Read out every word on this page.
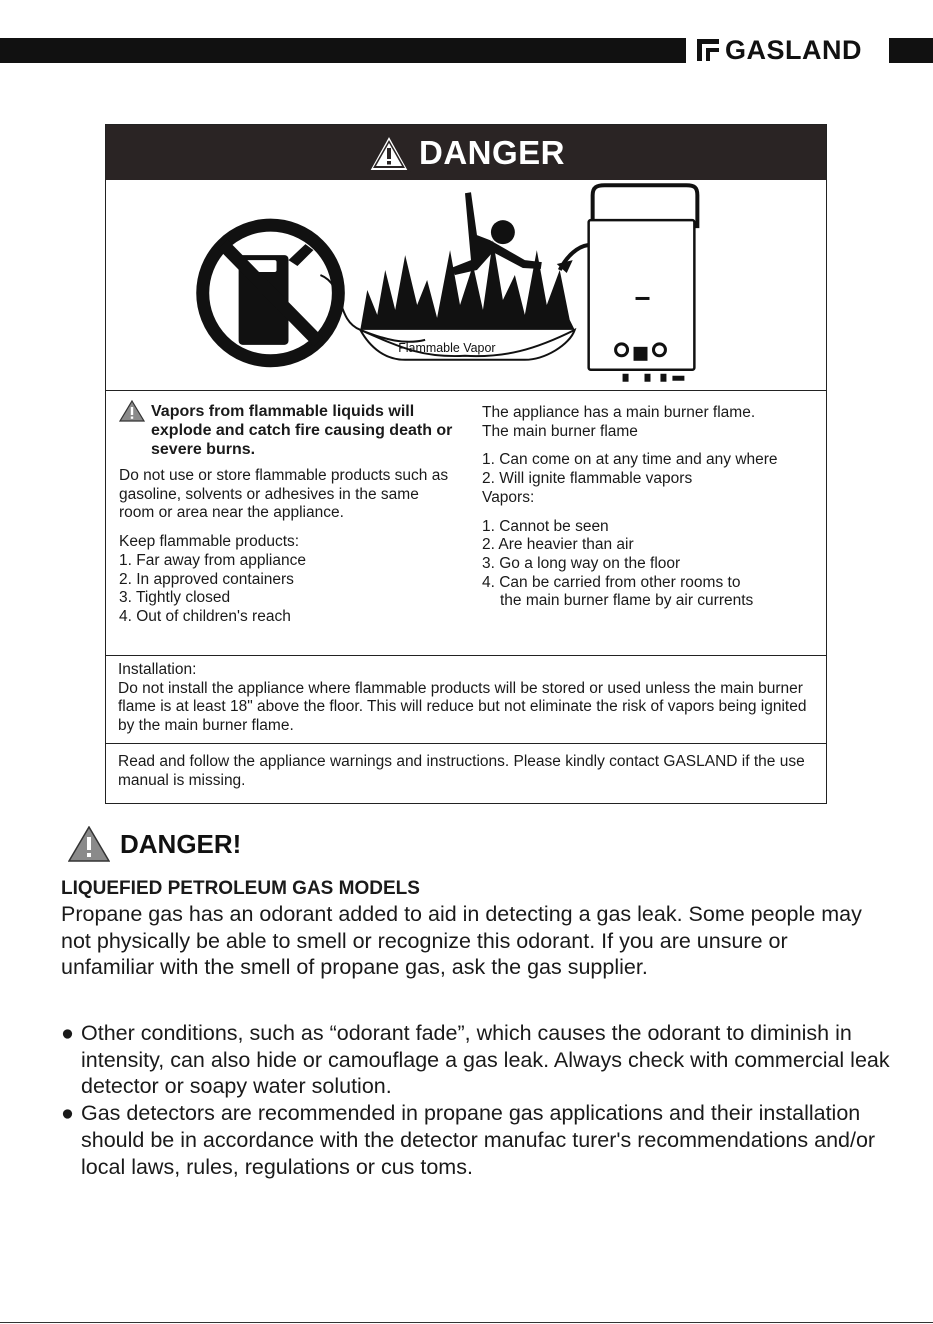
GASLAND
DANGER
Flammable Vapor
Vapors from flammable liquids will explode and catch fire causing death or severe burns.
Do not use or store flammable products such as gasoline, solvents or adhesives in the same room or area near the appliance.
Keep flammable products:
1. Far away from appliance
2. In approved containers
3. Tightly closed
4. Out of children's reach
The appliance has a main burner flame.
The main burner flame
1. Can come on at any time and any where
2. Will ignite flammable vapors
Vapors:
1. Cannot be seen
2. Are heavier than air
3. Go a long way on the floor
4. Can be carried from other rooms to
the main burner flame by air currents
Installation:
Do not install the appliance where flammable products will be stored or used unless the main burner flame is at least 18" above the floor. This will reduce but not eliminate the risk of vapors being ignited by the main burner flame.
Read and follow the appliance warnings and instructions. Please kindly contact GASLAND if the use manual is missing.
DANGER!
LIQUEFIED PETROLEUM GAS MODELS
Propane gas has an odorant added to aid in detecting a gas leak. Some people may not physically be able to smell or recognize this odorant. If you are unsure or unfamiliar with the smell of propane gas, ask the gas supplier.
● Other conditions, such as “odorant fade”, which causes the odorant to diminish in intensity, can also hide or camouflage a gas leak. Always check with commercial leak detector or soapy water solution.
● Gas detectors are recommended in propane gas applications and their installation should be in accordance with the detector manufac turer's recommendations and/or local laws, rules, regulations or cus toms.
